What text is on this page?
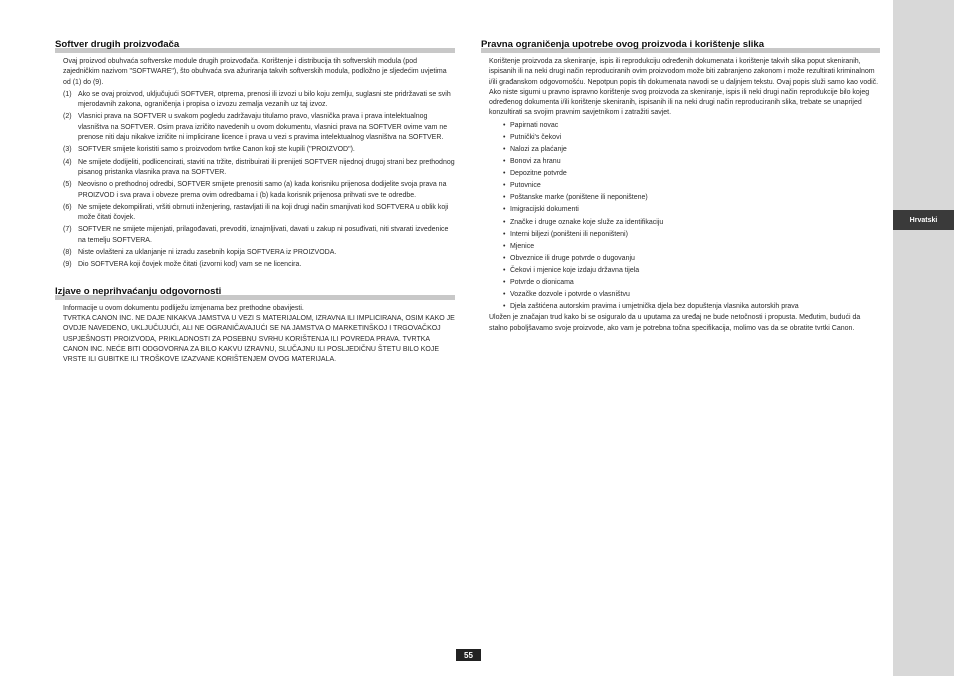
Hrvatski
Softver drugih proizvođača

Ovaj proizvod obuhvaća softverske module drugih proizvođača. Korištenje i distribucija tih softverskih modula (pod zajedničkim nazivom "SOFTWARE"), što obuhvaća sva ažuriranja takvih softverskih modula, podložno je sljedećim uvjetima od (1) do (9).

(1) Ako se ovaj proizvod, uključujući SOFTVER, otprema, prenosi ili izvozi u bilo koju zemlju, suglasni ste pridržavati se svih mjerodavnih zakona, ograničenja i propisa o izvozu zemalja vezanih uz taj izvoz.
(2) Vlasnici prava na SOFTVER u svakom pogledu zadržavaju titularno pravo, vlasnička prava i prava intelektualnog vlasništva na SOFTVER. Osim prava izričito navedenih u ovom dokumentu, vlasnici prava na SOFTVER ovime vam ne prenose niti daju nikakve izričite ni implicirane licence i prava u vezi s pravima intelektualnog vlasništva na SOFTVER.
(3) SOFTVER smijete koristiti samo s proizvodom tvrtke Canon koji ste kupili ("PROIZVOD").
(4) Ne smijete dodijeliti, podlicencirati, staviti na tržite, distribuirati ili prenijeti SOFTVER nijednoj drugoj strani bez prethodnog pisanog pristanka vlasnika prava na SOFTVER.
(5) Neovisno o prethodnoj odredbi, SOFTVER smijete prenositi samo (a) kada korisniku prijenosa dodijelite svoja prava na PROIZVOD i sva prava i obveze prema ovim odredbama i (b) kada korisnik prijenosa prihvati sve te odredbe.
(6) Ne smijete dekompilirati, vršiti obrnuti inženjering, rastavljati ili na koji drugi način smanjivati kod SOFTVERA u oblik koji može čitati čovjek.
(7) SOFTVER ne smijete mijenjati, prilagođavati, prevoditi, iznajmljivati, davati u zakup ni posuđivati, niti stvarati izvedenice na temelju SOFTVERA.
(8) Niste ovlašteni za uklanjanje ni izradu zasebnih kopija SOFTVERA iz PROIZVODA.
(9) Dio SOFTVERA koji čovjek može čitati (izvorni kod) vam se ne licencira.
Izjave o neprihvaćanju odgovornosti

Informacije u ovom dokumentu podliježu izmjenama bez prethodne obavijesti.

TVRTKA CANON INC. NE DAJE NIKAKVA JAMSTVA U VEZI S MATERIJALOM, IZRAVNA ILI IMPLICIRANA, OSIM KAKO JE OVDJE NAVEDENO, UKLJUČUJUĆI, ALI NE OGRANIČAVAJUĆI SE NA JAMSTVA O MARKETINŠKOJ I TRGOVAČKOJ USPJEŠNOSTI PROIZVODA, PRIKLADNOSTI ZA POSEBNU SVRHU KORIŠTENJA ILI POVREDA PRAVA. TVRTKA CANON INC. NEĆE BITI ODGOVORNA ZA BILO KAKVU IZRAVNU, SLUČAJNU ILI POSLJEDIČNU ŠTETU BILO KOJE VRSTE ILI GUBITKE ILI TROŠKOVE IZAZVANE KORIŠTENJEM OVOG MATERIJALA.

Pravna ograničenja upotrebe ovog proizvoda i korištenje slika

Korištenje proizvoda za skeniranje, ispis ili reprodukciju određenih dokumenata i korištenje takvih slika poput skeniranih, ispisanih ili na neki drugi način reproduciranih ovim proizvodom može biti zabranjeno zakonom i može rezultirati kriminalnom i/ili građanskom odgovornošću. Nepotpun popis tih dokumenata navodi se u daljnjem tekstu. Ovaj popis služi samo kao vodič. Ako niste sigurni u pravno ispravno korištenje svog proizvoda za skeniranje, ispis ili neki drugi način reprodukcije bilo kojeg određenog dokumenta i/ili korištenje skeniranih, ispisanih ili na neki drugi način reproduciranih slika, trebate se unaprijed konzultirati sa svojim pravnim savjetnikom i zatražiti savjet.

• Papirnati novac
• Putnički's čekovi
• Nalozi za plaćanje
• Bonovi za hranu
• Depozitne potvrde
• Putovnice
• Poštanske marke (poništene ili neponištene)
• Imigracijski dokumenti
• Značke i druge oznake koje služe za identifikaciju
• Interni biljezi (poništeni ili neponišteni)
• Mjenice
• Obveznice ili druge potvrde o dugovanju
• Čekovi i mjenice koje izdaju državna tijela
• Potvrde o dionicama
• Vozačke dozvole i potvrde o vlasništvu
• Djela zaštićena autorskim pravima i umjetnička djela bez dopuštenja vlasnika autorskih prava

Uložen je značajan trud kako bi se osiguralo da u uputama za uređaj ne bude netočnosti i propusta. Međutim, budući da stalno poboljšavamo svoje proizvode, ako vam je potrebna točna specifikacija, molimo vas da se obratite tvrtki Canon.

55
